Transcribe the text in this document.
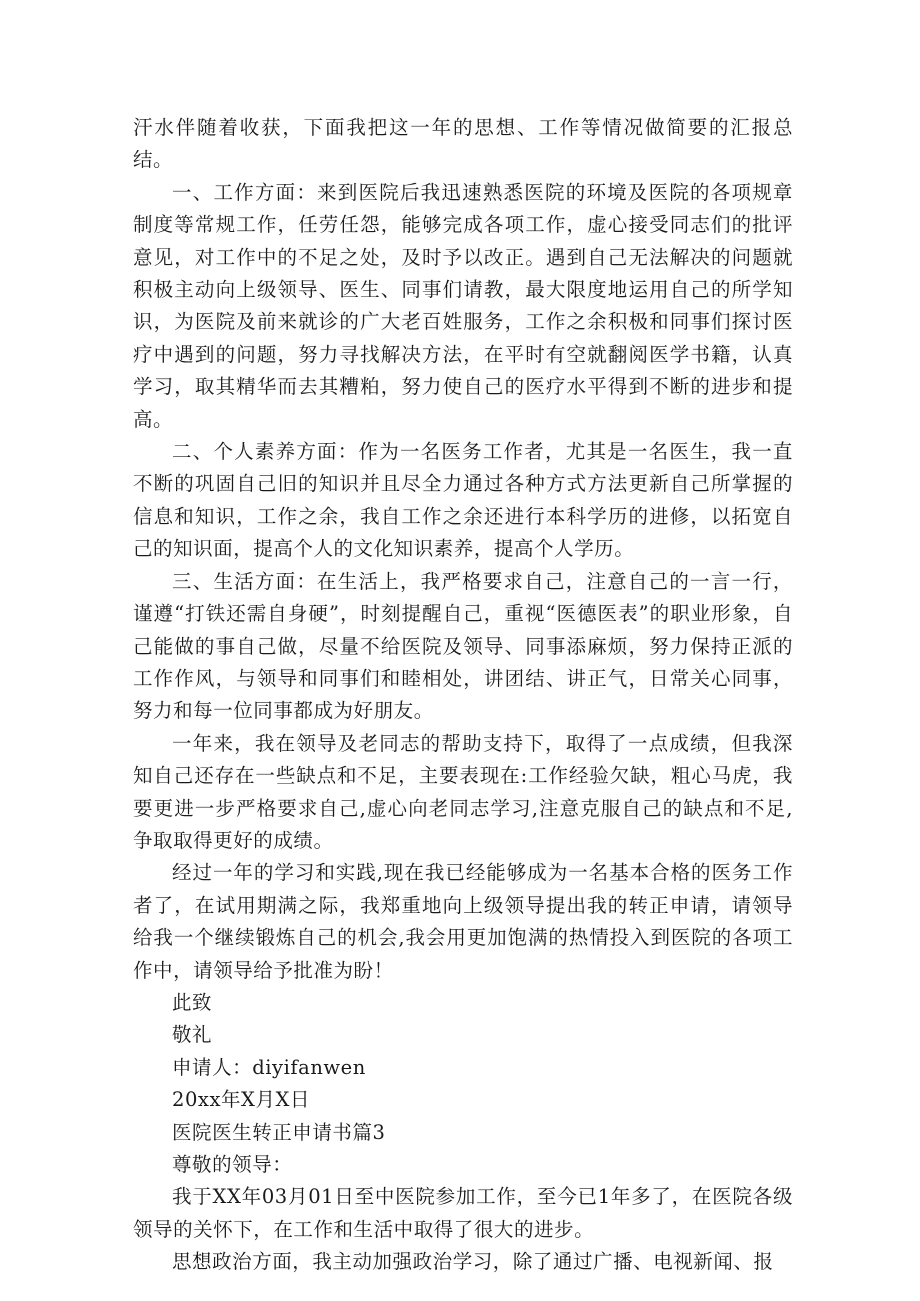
汗水伴随着收获，下面我把这一年的思想、工作等情况做简要的汇报总结。

一、工作方面：来到医院后我迅速熟悉医院的环境及医院的各项规章制度等常规工作，任劳任怨，能够完成各项工作，虚心接受同志们的批评意见，对工作中的不足之处，及时予以改正。遇到自己无法解决的问题就积极主动向上级领导、医生、同事们请教，最大限度地运用自己的所学知识，为医院及前来就诊的广大老百姓服务，工作之余积极和同事们探讨医疗中遇到的问题，努力寻找解决方法，在平时有空就翻阅医学书籍，认真学习，取其精华而去其糟粕，努力使自己的医疗水平得到不断的进步和提高。

二、个人素养方面：作为一名医务工作者，尤其是一名医生，我一直不断的巩固自己旧的知识并且尽全力通过各种方式方法更新自己所掌握的信息和知识，工作之余，我自工作之余还进行本科学历的进修，以拓宽自己的知识面，提高个人的文化知识素养，提高个人学历。

三、生活方面：在生活上，我严格要求自己，注意自己的一言一行，谨遵“打铁还需自身硬”，时刻提醒自己，重视“医德医表”的职业形象，自己能做的事自己做，尽量不给医院及领导、同事添麻烦，努力保持正派的工作作风，与领导和同事们和睦相处，讲团结、讲正气，日常关心同事，努力和每一位同事都成为好朋友。

一年来，我在领导及老同志的帮助支持下，取得了一点成绩，但我深知自己还存在一些缺点和不足，主要表现在:工作经验欠缺，粗心马虎，我要更进一步严格要求自己,虚心向老同志学习,注意克服自己的缺点和不足,争取取得更好的成绩。

经过一年的学习和实践,现在我已经能够成为一名基本合格的医务工作者了，在试用期满之际，我郑重地向上级领导提出我的转正申请，请领导给我一个继续锻炼自己的机会,我会用更加饱满的热情投入到医院的各项工作中，请领导给予批准为盼！

此致

敬礼

申请人：diyifanwen

20xx年X月X日

医院医生转正申请书篇3

尊敬的领导：

我于XX年03月01日至中医院参加工作，至今已1年多了，在医院各级领导的关怀下，在工作和生活中取得了很大的进步。

思想政治方面，我主动加强政治学习，除了通过广播、电视新闻、报
